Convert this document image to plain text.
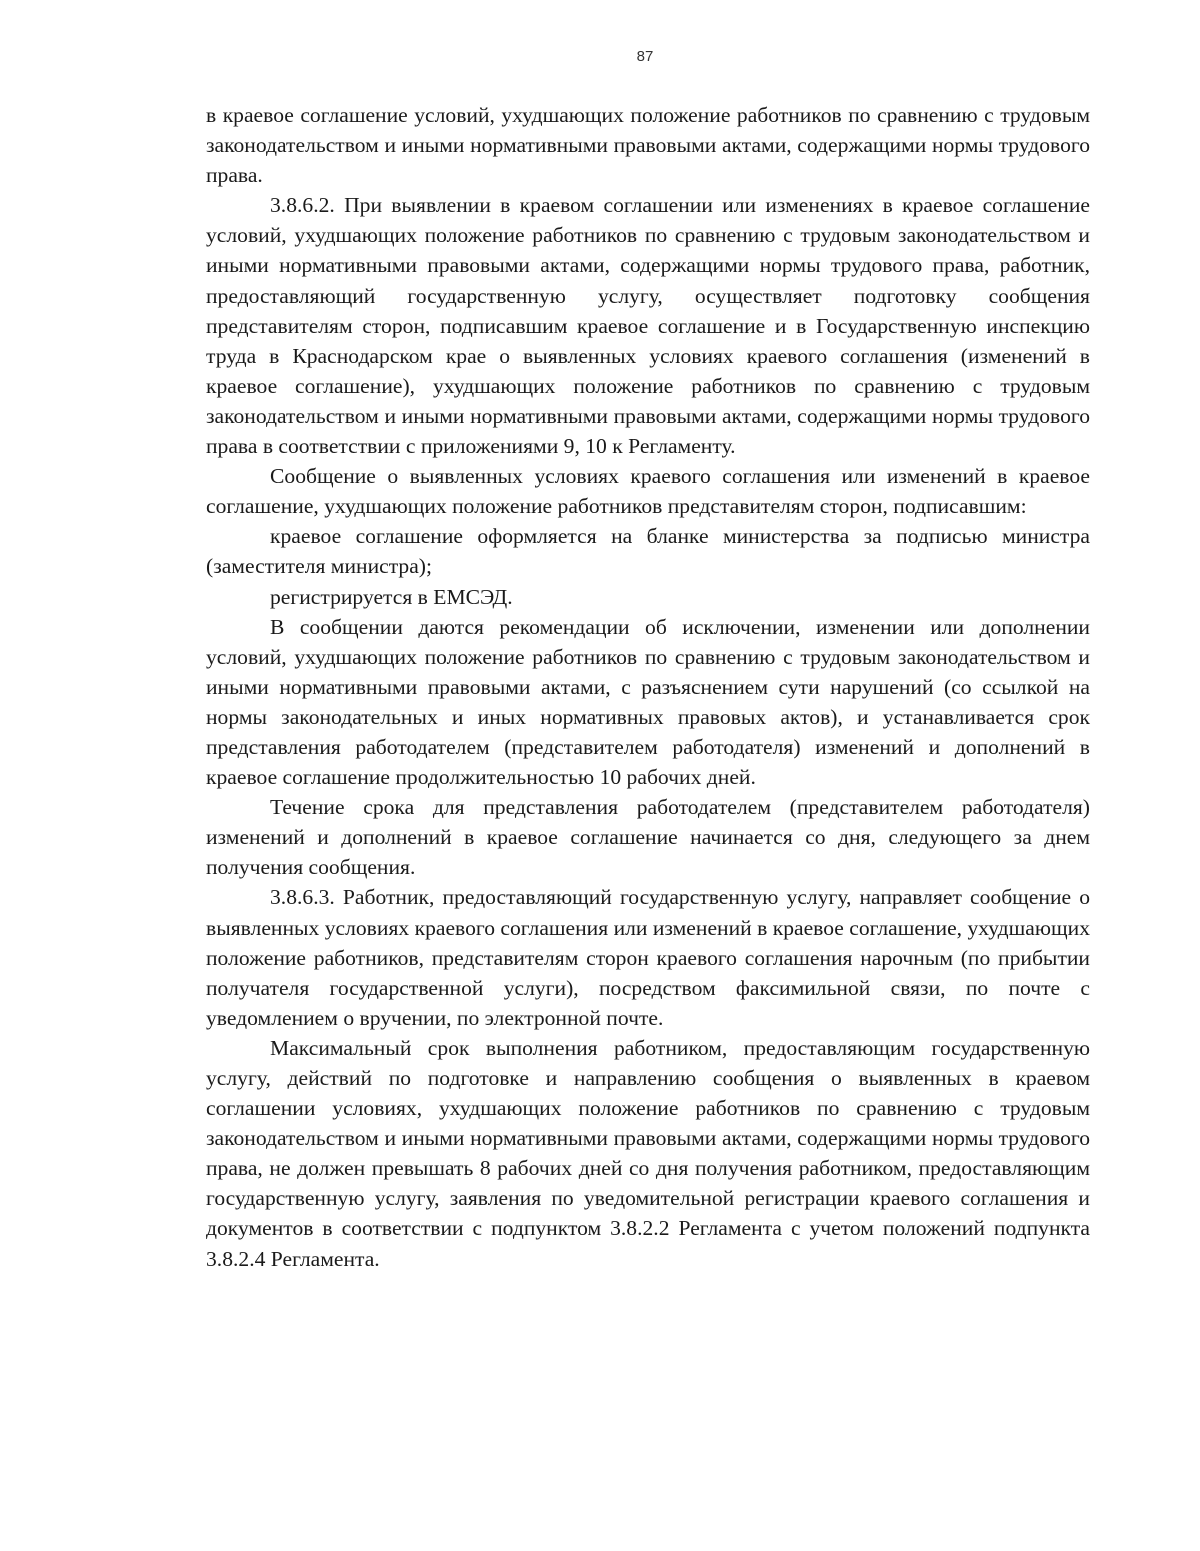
87

в краевое соглашение условий, ухудшающих положение работников по сравнению с трудовым законодательством и иными нормативными правовыми актами, содержащими нормы трудового права.

3.8.6.2. При выявлении в краевом соглашении или изменениях в краевое соглашение условий, ухудшающих положение работников по сравнению с трудовым законодательством и иными нормативными правовыми актами, содержащими нормы трудового права, работник, предоставляющий государственную услугу, осуществляет подготовку сообщения представителям сторон, подписавшим краевое соглашение и в Государственную инспекцию труда в Краснодарском крае о выявленных условиях краевого соглашения (изменений в краевое соглашение), ухудшающих положение работников по сравнению с трудовым законодательством и иными нормативными правовыми актами, содержащими нормы трудового права в соответствии с приложениями 9, 10 к Регламенту.

Сообщение о выявленных условиях краевого соглашения или изменений в краевое соглашение, ухудшающих положение работников представителям сторон, подписавшим:

краевое соглашение оформляется на бланке министерства за подписью министра (заместителя министра);

регистрируется в ЕМСЭД.

В сообщении даются рекомендации об исключении, изменении или дополнении условий, ухудшающих положение работников по сравнению с трудовым законодательством и иными нормативными правовыми актами, с разъяснением сути нарушений (со ссылкой на нормы законодательных и иных нормативных правовых актов), и устанавливается срок представления работодателем (представителем работодателя) изменений и дополнений в краевое соглашение продолжительностью 10 рабочих дней.

Течение срока для представления работодателем (представителем работодателя) изменений и дополнений в краевое соглашение начинается со дня, следующего за днем получения сообщения.

3.8.6.3. Работник, предоставляющий государственную услугу, направляет сообщение о выявленных условиях краевого соглашения или изменений в краевое соглашение, ухудшающих положение работников, представителям сторон краевого соглашения нарочным (по прибытии получателя государственной услуги), посредством факсимильной связи, по почте с уведомлением о вручении, по электронной почте.

Максимальный срок выполнения работником, предоставляющим государственную услугу, действий по подготовке и направлению сообщения о выявленных в краевом соглашении условиях, ухудшающих положение работников по сравнению с трудовым законодательством и иными нормативными правовыми актами, содержащими нормы трудового права, не должен превышать 8 рабочих дней со дня получения работником, предоставляющим государственную услугу, заявления по уведомительной регистрации краевого соглашения и документов в соответствии с подпунктом 3.8.2.2 Регламента с учетом положений подпункта 3.8.2.4 Регламента.
